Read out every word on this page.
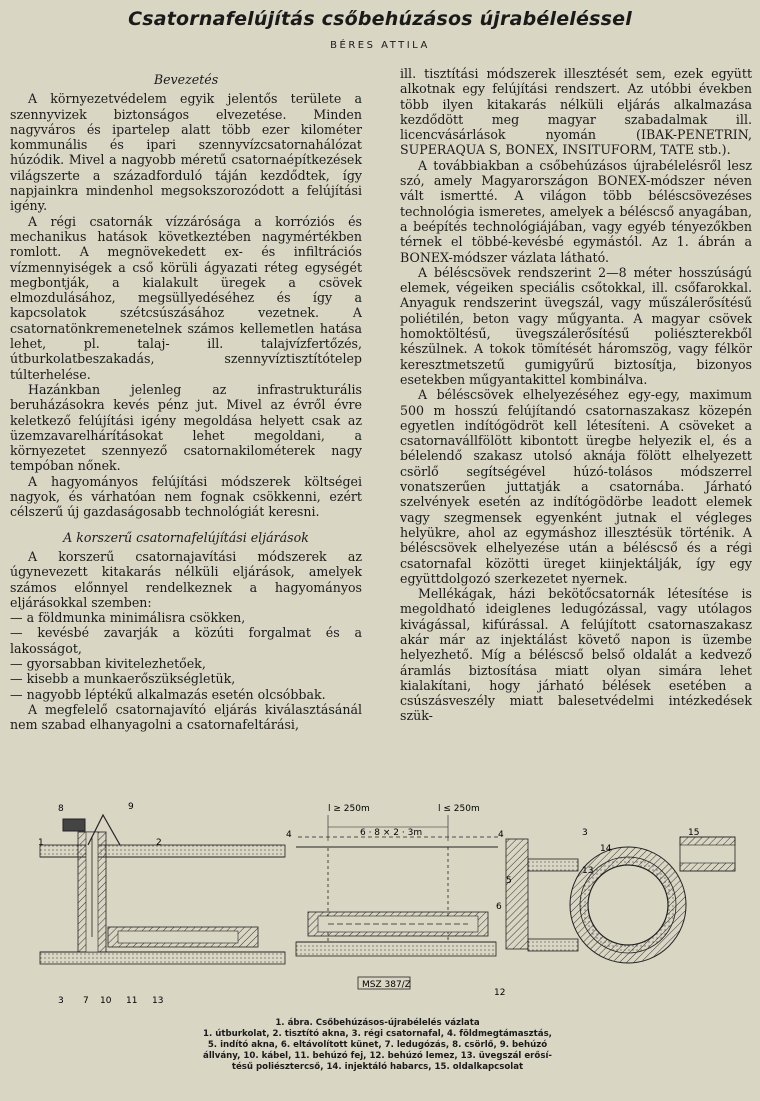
Csatornafelújítás csőbehúzásos újrabéleléssel
BÉRES ATTILA
Bevezetés

A környezetvédelem egyik jelentős területe a szennyvizek biztonságos elvezetése. Minden nagyváros és ipartelep alatt több ezer kilométer kommunális és ipari szennyvízcsatornahálózat húzódik. Mivel a nagyobb méretű csatornaépítkezések világszerte a századforduló táján kezdődtek, így napjainkra mindenhol megsokszorozódott a felújítási igény.

A régi csatornák vízzárósága a korróziós és mechanikus hatások következtében nagymértékben romlott. A megnövekedett ex- és infiltrációs vízmennyiségek a cső körüli ágyazati réteg egységét megbontják, a kialakult üregek a csövek elmozdulásához, megsüllyedéséhez és így a kapcsolatok szétcsúszásához vezetnek. A csatornatönkremenetelnek számos kellemetlen hatása lehet, pl. talaj- ill. talajvízfertőzés, útburkolatbeszakadás, szennyvíztisztítótelep túlterhelése.

Hazánkban jelenleg az infrastrukturális beruházásokra kevés pénz jut. Mivel az évről évre keletkező felújítási igény megoldása helyett csak az üzemzavarelhárításokat lehet megoldani, a környezetet szennyező csatornakilométerek nagy tempóban nőnek.

A hagyományos felújítási módszerek költségei nagyok, és várhatóan nem fognak csökkenni, ezért célszerű új gazdaságosabb technológiát keresni.

A korszerű csatornafelújítási eljárások

A korszerű csatornajavítási módszerek az úgynevezett kitakarás nélküli eljárások, amelyek számos előnnyel rendelkeznek a hagyományos eljárásokkal szemben:

— a földmunka minimálisra csökken,
— kevésbé zavarják a közúti forgalmat és a lakosságot,
— gyorsabban kivitelezhetőek,
— kisebb a munkaerőszükségletük,
— nagyobb léptékű alkalmazás esetén olcsóbbak.

A megfelelő csatornajavító eljárás kiválasztásánál nem szabad elhanyagolni a csatornafeltárási,

ill. tisztítási módszerek illesztését sem, ezek együtt alkotnak egy felújítási rendszert. Az utóbbi években több ilyen kitakarás nélküli eljárás alkalmazása kezdődött meg magyar szabadalmak ill. licencvásárlások nyomán (IBAK-PENETRIN, SUPERAQUA S, BONEX, INSITUFORM, TATE stb.).

A továbbiakban a csőbehúzásos újrabélelésről lesz szó, amely Magyarországon BONEX-módszer néven vált ismertté. A világon több béléscsövezéses technológia ismeretes, amelyek a béléscső anyagában, a beépítés technológiájában, vagy egyéb tényezőkben térnek el többé-kevésbé egymástól. Az 1. ábrán a BONEX-módszer vázlata látható.

A béléscsövek rendszerint 2—8 méter hosszúságú elemek, végeiken speciális csőtokkal, ill. csőfarokkal. Anyaguk rendszerint üvegszál, vagy műszálerősítésű poliétilén, beton vagy műgyanta. A magyar csövek homoktöltésű, üvegszálerősítésű poliészterekből készülnek. A tokok tömítését háromszög, vagy félkör keresztmetszetű gumigyűrű biztosítja, bizonyos esetekben műgyantakittel kombinálva.

A béléscsövek elhelyezéséhez egy-egy, maximum 500 m hosszú felújítandó csatornaszakasz közepén egyetlen indítógödröt kell létesíteni. A csöveket a csatornavállfölött kibontott üregbe helyezik el, és a bélelendő szakasz utolsó aknája fölött elhelyezett csörlő segítségével húzó-tolásos módszerrel vonatszerűen juttatják a csatornába. Járható szelvények esetén az indítógödörbe leadott elemek vagy szegmensek egyenként jutnak el végleges helyükre, ahol az egymáshoz illesztésük történik. A béléscsövek elhelyezése után a béléscső és a régi csatornafal közötti üreget kiinjektálják, így egy együttdolgozó szerkezetet nyernek.

Mellékágak, házi bekötőcsatornák létesítése is megoldható ideiglenes ledugózással, vagy utólagos kivágással, kifúrással. A felújított csatornaszakasz akár már az injektálást követő napon is üzembe helyezhető. Míg a béléscső belső oldalát a kedvező áramlás biztosítása miatt olyan simára lehet kialakítani, hogy járható bélések esetében a csúszásveszély miatt balesetvédelmi intézkedések szük-

l ≥ 250m
6 · 8 × 2 · 3m
l ≤ 250m
MSZ 387/Z
8	9
1	2
3 7 10 11 13
4	4
5
6
12
3
14
13
15
1. ábra. Csőbehúzásos-újrabélelés vázlata
1. útburkolat, 2. tisztító akna, 3. régi csatornafal, 4. földmegtámasztás,
5. indító akna, 6. eltávolított künet, 7. ledugózás, 8. csörlő, 9. behúzó
állvány, 10. kábel, 11. behúzó fej, 12. behúzó lemez, 13. üvegszál erősí-
tésű poliésztercső, 14. injektáló habarcs, 15. oldalkapcsolat
